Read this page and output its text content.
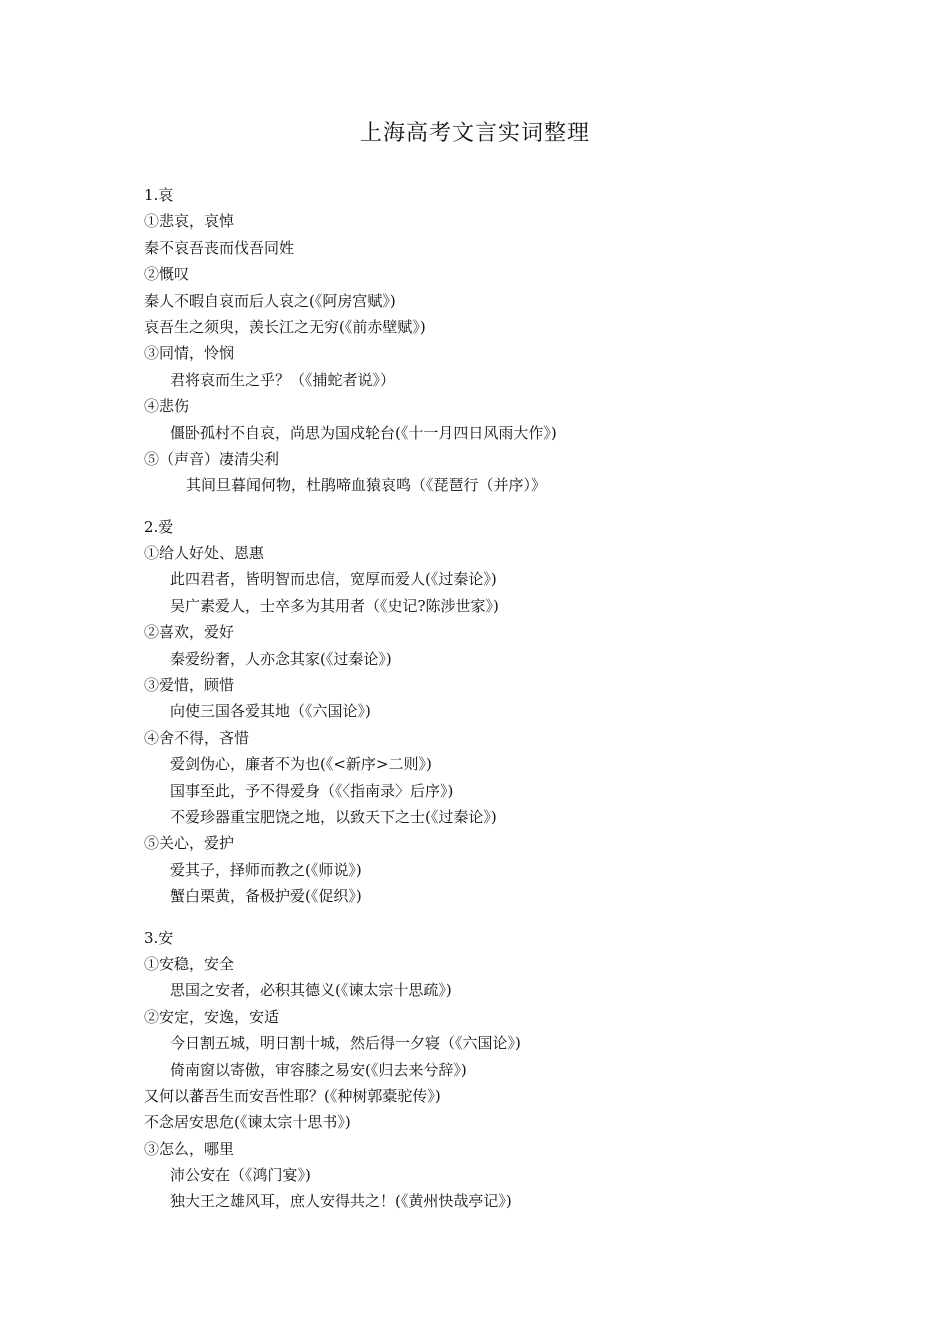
上海高考文言实词整理
1.哀
①悲哀，哀悼
秦不哀吾丧而伐吾同姓
②慨叹
秦人不暇自哀而后人哀之(《阿房宫赋》)
哀吾生之须臾，羡长江之无穷(《前赤壁赋》)
③同情，怜悯
君将哀而生之乎？（《捕蛇者说》）
④悲伤
僵卧孤村不自哀，尚思为国戍轮台(《十一月四日风雨大作》)
⑤（声音）凄清尖利
其间旦暮闻何物，杜鹃啼血猿哀鸣（《琵琶行（并序）》
2.爱
①给人好处、恩惠
此四君者，皆明智而忠信，宽厚而爱人(《过秦论》)
吴广素爱人，士卒多为其用者（《史记?陈涉世家》)
②喜欢，爱好
秦爱纷奢，人亦念其家(《过秦论》)
③爱惜，顾惜
向使三国各爱其地（《六国论》)
④舍不得，吝惜
爱剑伪心，廉者不为也(《<新序>二则》)
国事至此，予不得爱身（《〈指南录〉后序》)
不爱珍器重宝肥饶之地，以致天下之士(《过秦论》)
⑤关心，爱护
爱其子，择师而教之(《师说》)
蟹白栗黄，备极护爱(《促织》)
3.安
①安稳，安全
思国之安者，必积其德义(《谏太宗十思疏》)
②安定，安逸，安适
今日割五城，明日割十城，然后得一夕寝（《六国论》)
倚南窗以寄傲，审容膝之易安(《归去来兮辞》)
又何以蕃吾生而安吾性耶？(《种树郭橐驼传》)
不念居安思危(《谏太宗十思书》)
③怎么，哪里
沛公安在（《鸿门宴》)
独大王之雄风耳，庶人安得共之！(《黄州快哉亭记》)
